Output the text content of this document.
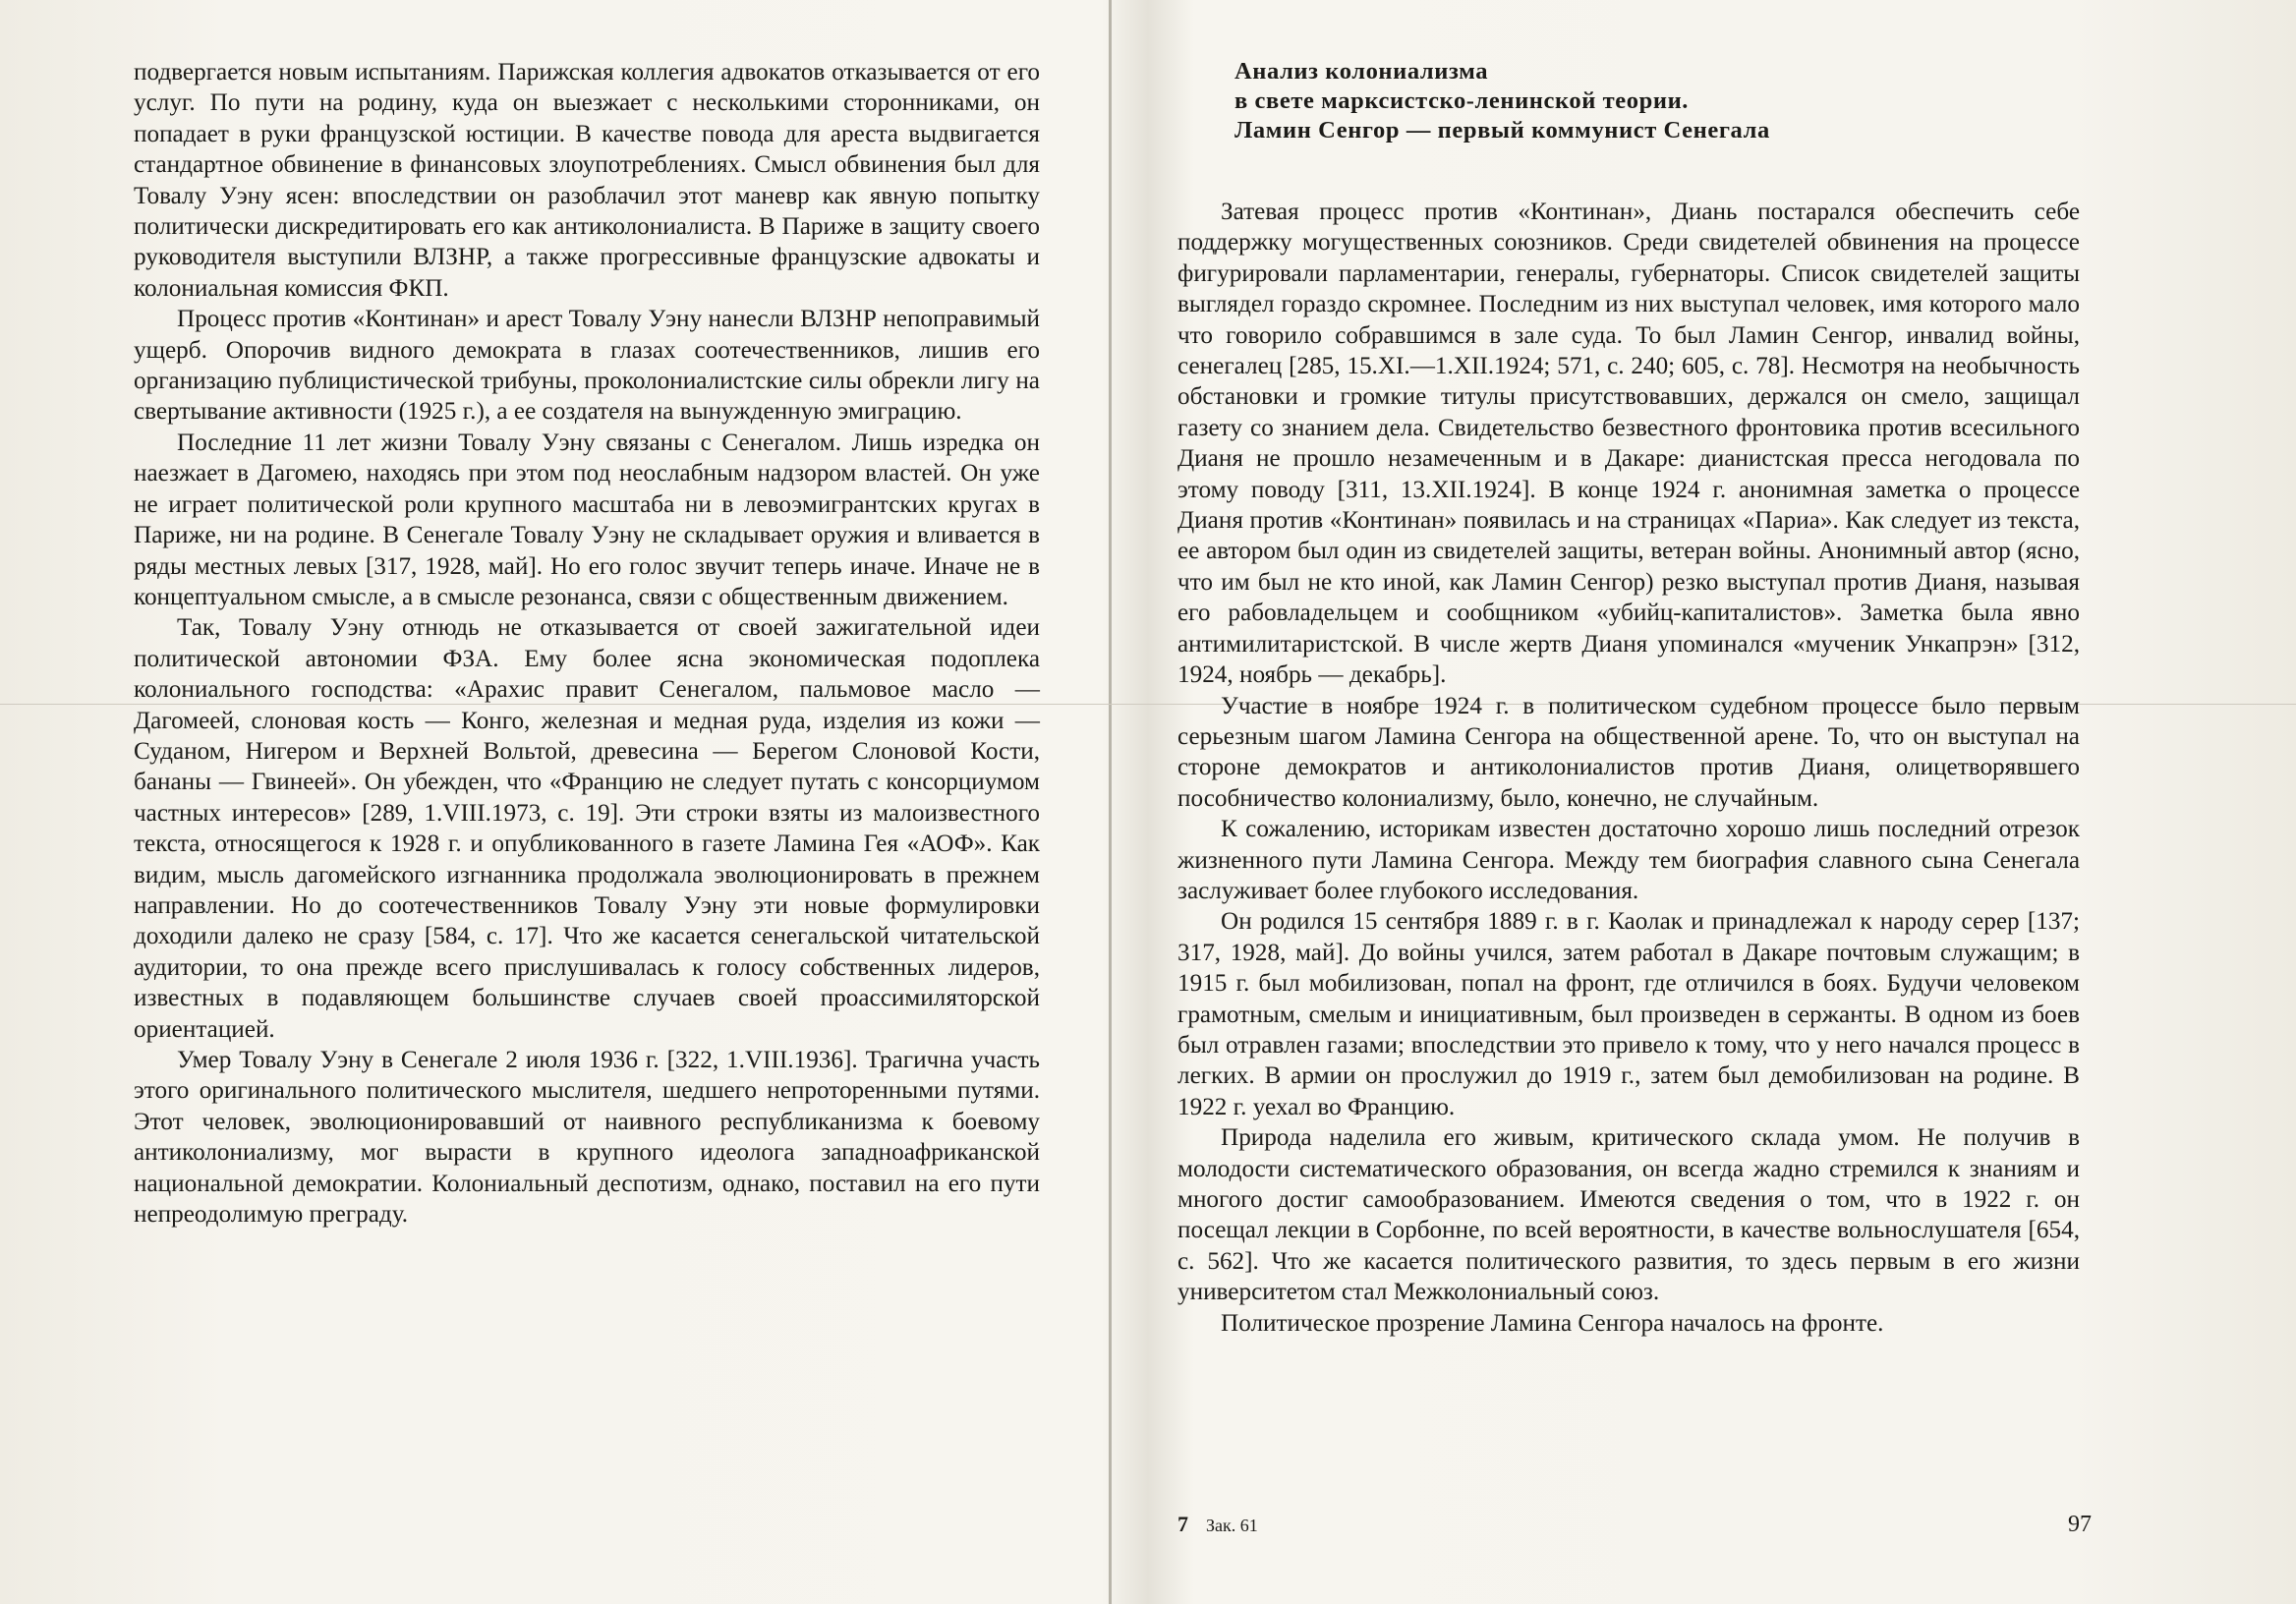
подвергается новым испытаниям. Парижская коллегия адвокатов отказывается от его услуг. По пути на родину, куда он выезжает с несколькими сторонниками, он попадает в руки французской юстиции. В качестве повода для ареста выдвигается стандартное обвинение в финансовых злоупотреблениях. Смысл обвинения был для Товалу Уэну ясен: впоследствии он разоблачил этот маневр как явную попытку политически дискредитировать его как антиколониалиста. В Париже в защиту своего руководителя выступили ВЛЗНР, а также прогрессивные французские адвокаты и колониальная комиссия ФКП.

Процесс против «Континан» и арест Товалу Уэну нанесли ВЛЗНР непоправимый ущерб. Опорочив видного демократа в глазах соотечественников, лишив его организацию публицистической трибуны, проколониалистские силы обрекли лигу на свертывание активности (1925 г.), а ее создателя на вынужденную эмиграцию.

Последние 11 лет жизни Товалу Уэну связаны с Сенегалом. Лишь изредка он наезжает в Дагомею, находясь при этом под неослабным надзором властей. Он уже не играет политической роли крупного масштаба ни в левоэмигрантских кругах в Париже, ни на родине. В Сенегале Товалу Уэну не складывает оружия и вливается в ряды местных левых [317, 1928, май]. Но его голос звучит теперь иначе. Иначе не в концептуальном смысле, а в смысле резонанса, связи с общественным движением.

Так, Товалу Уэну отнюдь не отказывается от своей зажигательной идеи политической автономии ФЗА. Ему более ясна экономическая подоплека колониального господства: «Арахис правит Сенегалом, пальмовое масло — Дагомеей, слоновая кость — Конго, железная и медная руда, изделия из кожи — Суданом, Нигером и Верхней Вольтой, древесина — Берегом Слоновой Кости, бананы — Гвинеей». Он убежден, что «Францию не следует путать с консорциумом частных интересов» [289, 1.VIII.1973, с. 19]. Эти строки взяты из малоизвестного текста, относящегося к 1928 г. и опубликованного в газете Ламина Гея «АОФ». Как видим, мысль дагомейского изгнанника продолжала эволюционировать в прежнем направлении. Но до соотечественников Товалу Уэну эти новые формулировки доходили далеко не сразу [584, с. 17]. Что же касается сенегальской читательской аудитории, то она прежде всего прислушивалась к голосу собственных лидеров, известных в подавляющем большинстве случаев своей проассимиляторской ориентацией.

Умер Товалу Уэну в Сенегале 2 июля 1936 г. [322, 1.VIII.1936]. Трагична участь этого оригинального политического мыслителя, шедшего непроторенными путями. Этот человек, эволюционировавший от наивного республиканизма к боевому антиколониализму, мог вырасти в крупного идеолога западноафриканской национальной демократии. Колониальный деспотизм, однако, поставил на его пути непреодолимую преграду.

Анализ колониализма
в свете марксистско-ленинской теории.
Ламин Сенгор — первый коммунист Сенегала

Затевая процесс против «Континан», Диань постарался обеспечить себе поддержку могущественных союзников. Среди свидетелей обвинения на процессе фигурировали парламентарии, генералы, губернаторы. Список свидетелей защиты выглядел гораздо скромнее. Последним из них выступал человек, имя которого мало что говорило собравшимся в зале суда. То был Ламин Сенгор, инвалид войны, сенегалец [285, 15.XI.—1.XII.1924; 571, с. 240; 605, с. 78]. Несмотря на необычность обстановки и громкие титулы присутствовавших, держался он смело, защищал газету со знанием дела. Свидетельство безвестного фронтовика против всесильного Дианя не прошло незамеченным и в Дакаре: дианистская пресса негодовала по этому поводу [311, 13.XII.1924]. В конце 1924 г. анонимная заметка о процессе Дианя против «Континан» появилась и на страницах «Париа». Как следует из текста, ее автором был один из свидетелей защиты, ветеран войны. Анонимный автор (ясно, что им был не кто иной, как Ламин Сенгор) резко выступал против Дианя, называя его рабовладельцем и сообщником «убийц-капиталистов». Заметка была явно антимилитаристской. В числе жертв Дианя упоминался «мученик Ункапрэн» [312, 1924, ноябрь — декабрь].

Участие в ноябре 1924 г. в политическом судебном процессе было первым серьезным шагом Ламина Сенгора на общественной арене. То, что он выступал на стороне демократов и антиколониалистов против Дианя, олицетворявшего пособничество колониализму, было, конечно, не случайным.

К сожалению, историкам известен достаточно хорошо лишь последний отрезок жизненного пути Ламина Сенгора. Между тем биография славного сына Сенегала заслуживает более глубокого исследования.

Он родился 15 сентября 1889 г. в г. Каолак и принадлежал к народу серер [137; 317, 1928, май]. До войны учился, затем работал в Дакаре почтовым служащим; в 1915 г. был мобилизован, попал на фронт, где отличился в боях. Будучи человеком грамотным, смелым и инициативным, был произведен в сержанты. В одном из боев был отравлен газами; впоследствии это привело к тому, что у него начался процесс в легких. В армии он прослужил до 1919 г., затем был демобилизован на родине. В 1922 г. уехал во Францию.

Природа наделила его живым, критического склада умом. Не получив в молодости систематического образования, он всегда жадно стремился к знаниям и многого достиг самообразованием. Имеются сведения о том, что в 1922 г. он посещал лекции в Сорбонне, по всей вероятности, в качестве вольнослушателя [654, с. 562]. Что же касается политического развития, то здесь первым в его жизни университетом стал Межколониальный союз.

Политическое прозрение Ламина Сенгора началось на фронте.

7 Зак. 61	97
